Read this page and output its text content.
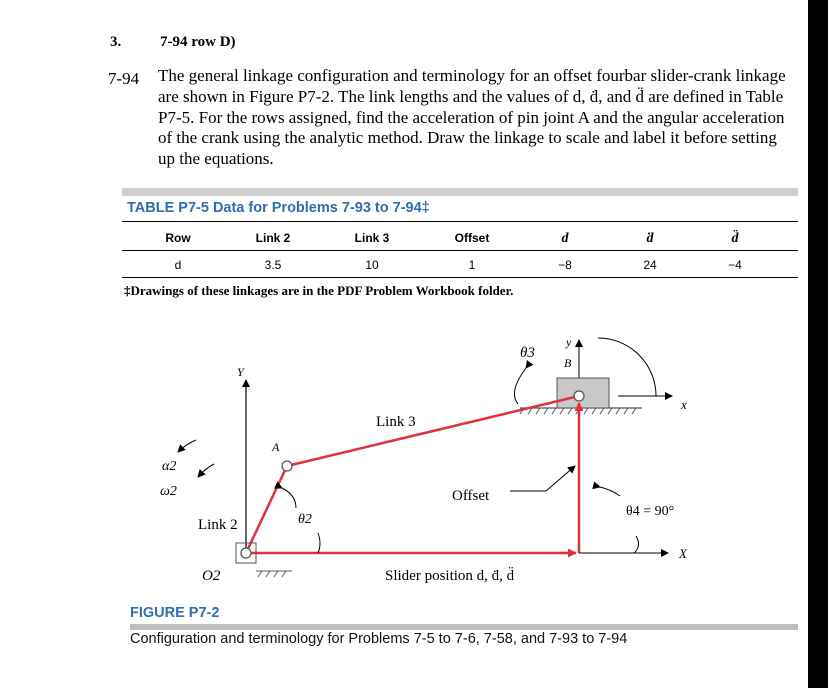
3.	7-94 row D)
7-94 The general linkage configuration and terminology for an offset fourbar slider-crank linkage are shown in Figure P7-2. The link lengths and the values of d, ḋ, and d̈ are defined in Table P7-5. For the rows assigned, find the acceleration of pin joint A and the angular acceleration of the crank using the analytic method. Draw the linkage to scale and label it before setting up the equations.
TABLE P7-5 Data for Problems 7-93 to 7-94‡
Row	Link 2	Link 3	Offset	d	ḋ	d̈
d	3.5	10	1	−8	24	−4
‡Drawings of these linkages are in the PDF Problem Workbook folder.
θ3
y
B
x
Y
Link 3
A
α2
ω2	Offset
Link 2	θ2
θ4 = 90°
X
O2	Slider position d, ḋ, d̈
FIGURE P7-2
Configuration and terminology for Problems 7-5 to 7-6, 7-58, and 7-93 to 7-94
